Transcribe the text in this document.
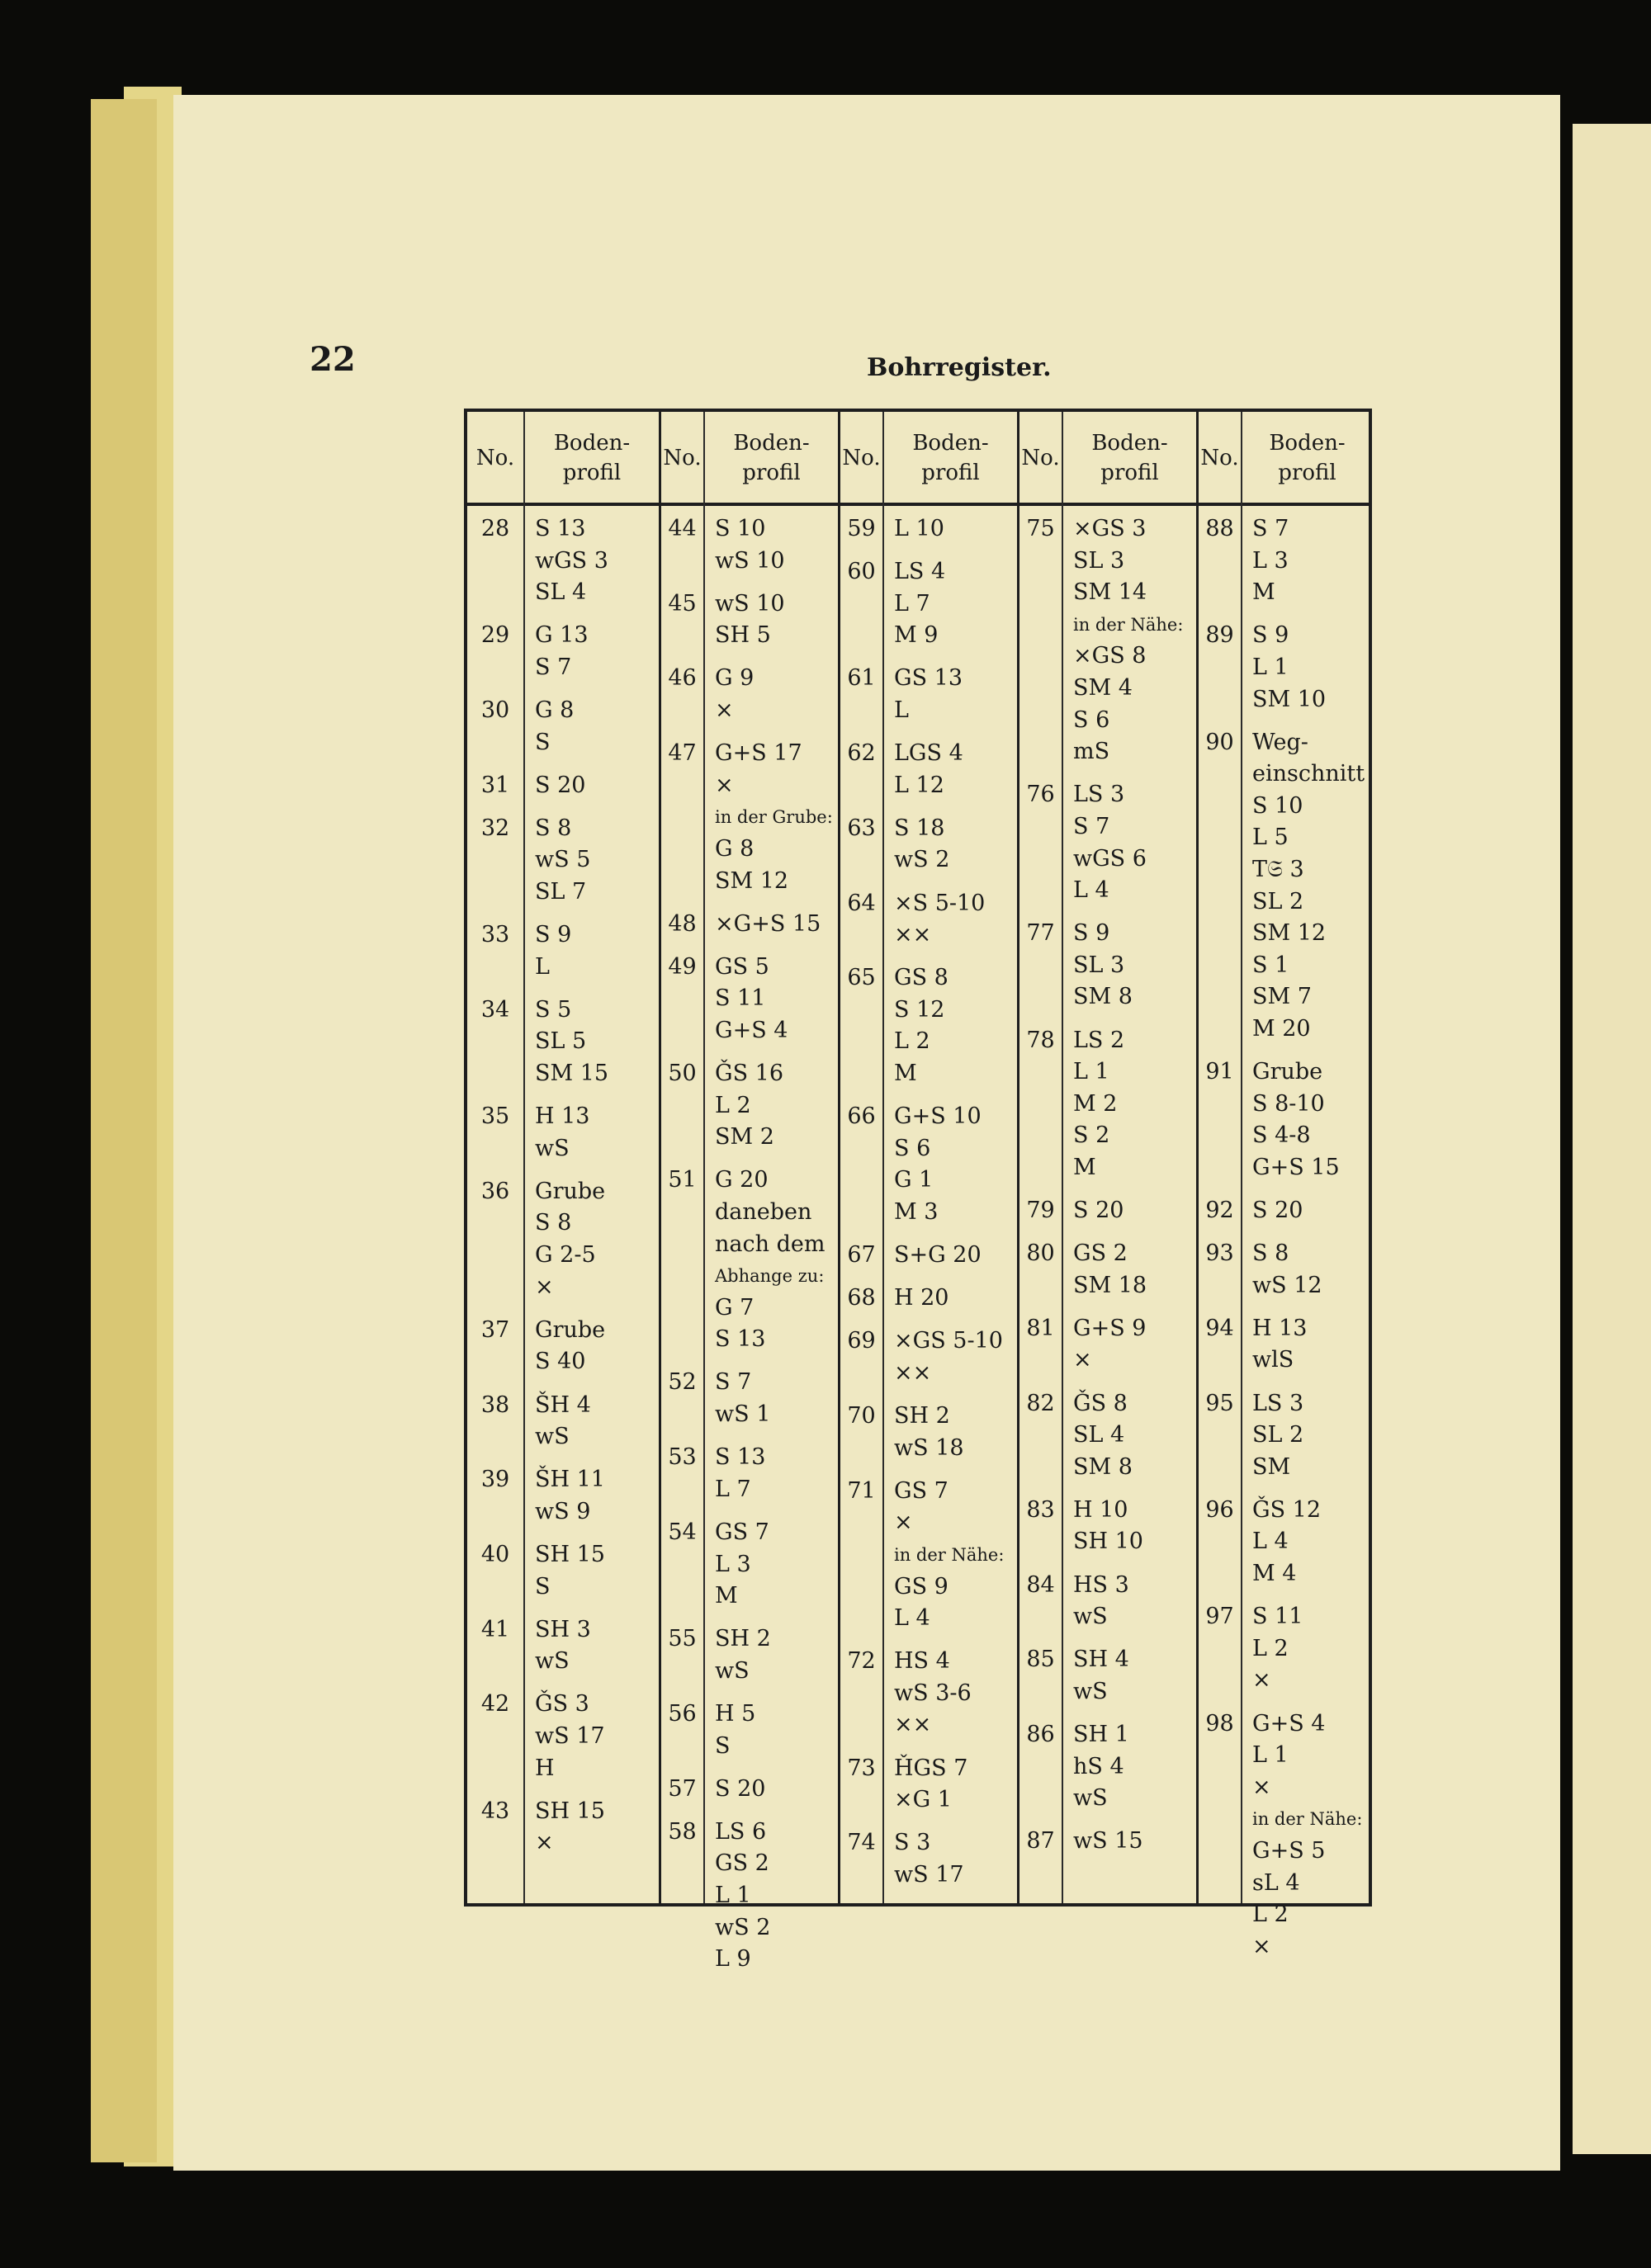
22	Bohrregister.
No.
Boden-
profil
No.
Boden-
profil
No.
Boden-
profil
No.
Boden-
profil
No.
Boden-
profil
28	S 13
wGS 3
SL 4
29	G 13
S 7
30	G 8
S
31	S 20
32	S 8
wS 5
SL 7
33	S 9
L
34	S 5
SL 5
SM 15
35	H 13
wS
36	Grube
S 8
G 2-5
×
37	Grube
S 40
38	ŠH 4
wS
39	ŠH 11
wS 9
40	SH 15
S
41	SH 3
wS
42	ǦS 3
wS 17
H
43	SH 15
×
44 S 10
wS 10
45 wS 10
SH 5
46 G 9
×
47 G+S 17
×
in der Grube:
G 8
SM 12
48 ×G+S 15
49 GS 5
S 11
G+S 4
50 ǦS 16
L 2
SM 2
51 G 20
daneben
nach dem
Abhange zu:
G 7
S 13
52 S 7
wS 1
53 S 13
L 7
54 GS 7
L 3
M
55 SH 2
wS
56 H 5
S
57 S 20
58 LS 6
GS 2
L 1
wS 2
L 9
59 L 10
60 LS 4
L 7
M 9
61 GS 13
L
62 LGS 4
L 12
63 S 18
wS 2
64 ×S 5-10
××
65 GS 8
S 12
L 2
M
66 G+S 10
S 6
G 1
M 3
67 S+G 20
68 H 20
69 ×GS 5-10
××
70 SH 2
wS 18
71 GS 7
×
in der Nähe:
GS 9
L 4
72 HS 4
wS 3-6
××
73 ȞGS 7
×G 1
74 S 3
wS 17
75 ×GS 3
SL 3
SM 14
in der Nähe:
×GS 8
SM 4
S 6
mS
76 LS 3
S 7
wGS 6
L 4
77 S 9
SL 3
SM 8
78 LS 2
L 1
M 2
S 2
M
79 S 20
80 GS 2
SM 18
81 G+S 9
×
82 ǦS 8
SL 4
SM 8
83 H 10
SH 10
84 HS 3
wS
85 SH 4
wS
86 SH 1
hS 4
wS
87 wS 15
88 S 7
L 3
M
89 S 9
L 1
SM 10
90 Weg-
einschnitt
S 10
L 5
T𝔖 3
SL 2
SM 12
S 1
SM 7
M 20
91 Grube
S 8-10
S 4-8
G+S 15
92 S 20
93 S 8
wS 12
94 H 13
wlS
95 LS 3
SL 2
SM
96 ǦS 12
L 4
M 4
97 S 11
L 2
×
98 G+S 4
L 1
×
in der Nähe:
G+S 5
sL 4
L 2
×
